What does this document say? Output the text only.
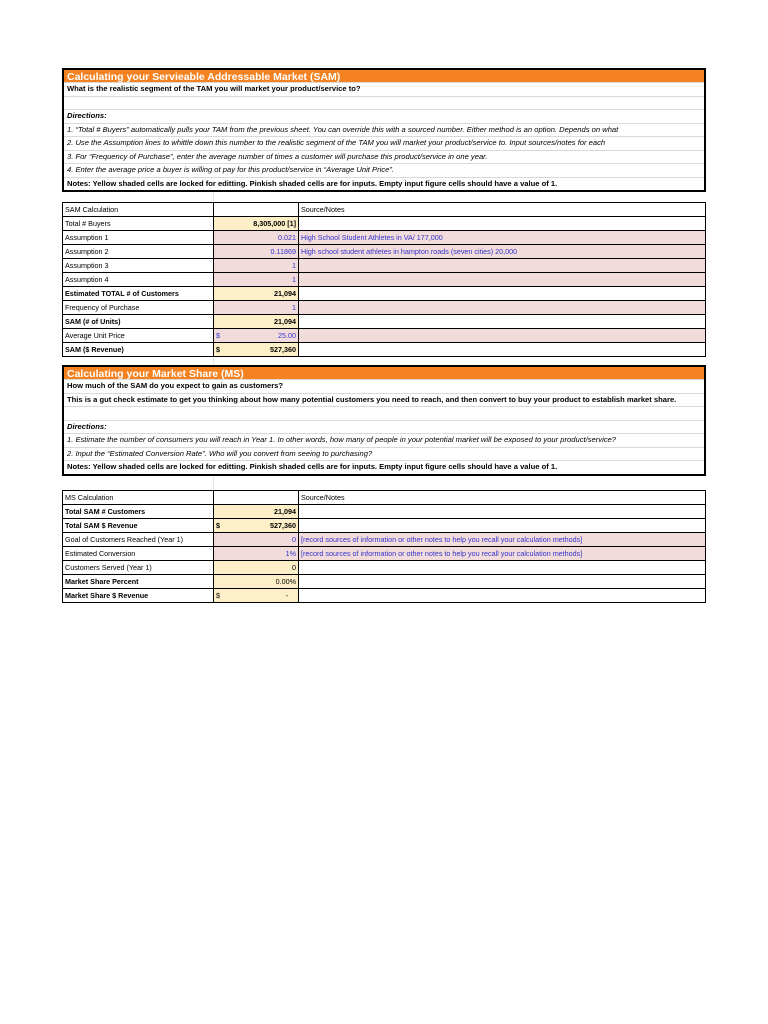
Calculating your Servieable Addressable Market (SAM)
What is the realistic segment of the TAM you will market your product/service to?
Directions:
1. “Total # Buyers” automatically pulls your TAM from the previous sheet. You can override this with a sourced number. Either method is an option. Depends on what
2. Use the Assumption lines to whittle down this number to the realistic segment of the TAM you will market your product/service to. Input sources/notes for each
3. For “Frequency of Purchase”, enter the average number of times a customer will purchase this product/service in one year.
4. Enter the average price a buyer is willing ot pay for this product/service in “Average Unit Price”.
Notes: Yellow shaded cells are locked for editting. Pinkish shaded cells are for inputs. Empty input figure cells should have a value of 1.
SAM Calculation		Source/Notes
Total # Buyers	8,305,000 [1]	
Assumption 1	0.021	High School Student Athletes in VA/ 177,000
Assumption 2	0.11869	High school student athletes in hampton roads (seven cities) 20,000
Assumption 3	1	
Assumption 4	1	
Estimated TOTAL # of Customers	21,094	
Frequency of Purchase	1	
SAM (# of Units)	21,094	
Average Unit Price	$ 25.00	
SAM ($ Revenue)	$ 527,360	
Calculating your Market Share (MS)
How much of the SAM do you expect to gain as customers?
This is a gut check estimate to get you thinking about how many potential customers you need to reach, and then convert to buy your product to establish market share.
Directions:
1. Estimate the number of consumers you will reach in Year 1. In other words, how many of people in your potential market will be exposed to your product/service?
2. Input the “Estimated Conversion Rate”. Who will you convert from seeing to purchasing?
Notes: Yellow shaded cells are locked for editting. Pinkish shaded cells are for inputs. Empty input figure cells should have a value of 1.
MS Calculation		Source/Notes
Total SAM # Customers	21,094	
Total SAM $ Revenue	$ 527,360	
Goal of Customers Reached (Year 1)	0	[record sources of information or other notes to help you recall your calculation methods]
Estimated Conversion	1%	[record sources of information or other notes to help you recall your calculation methods]
Customers Served (Year 1)	0	
Market Share Percent	0.00%	
Market Share $ Revenue	$ -	
